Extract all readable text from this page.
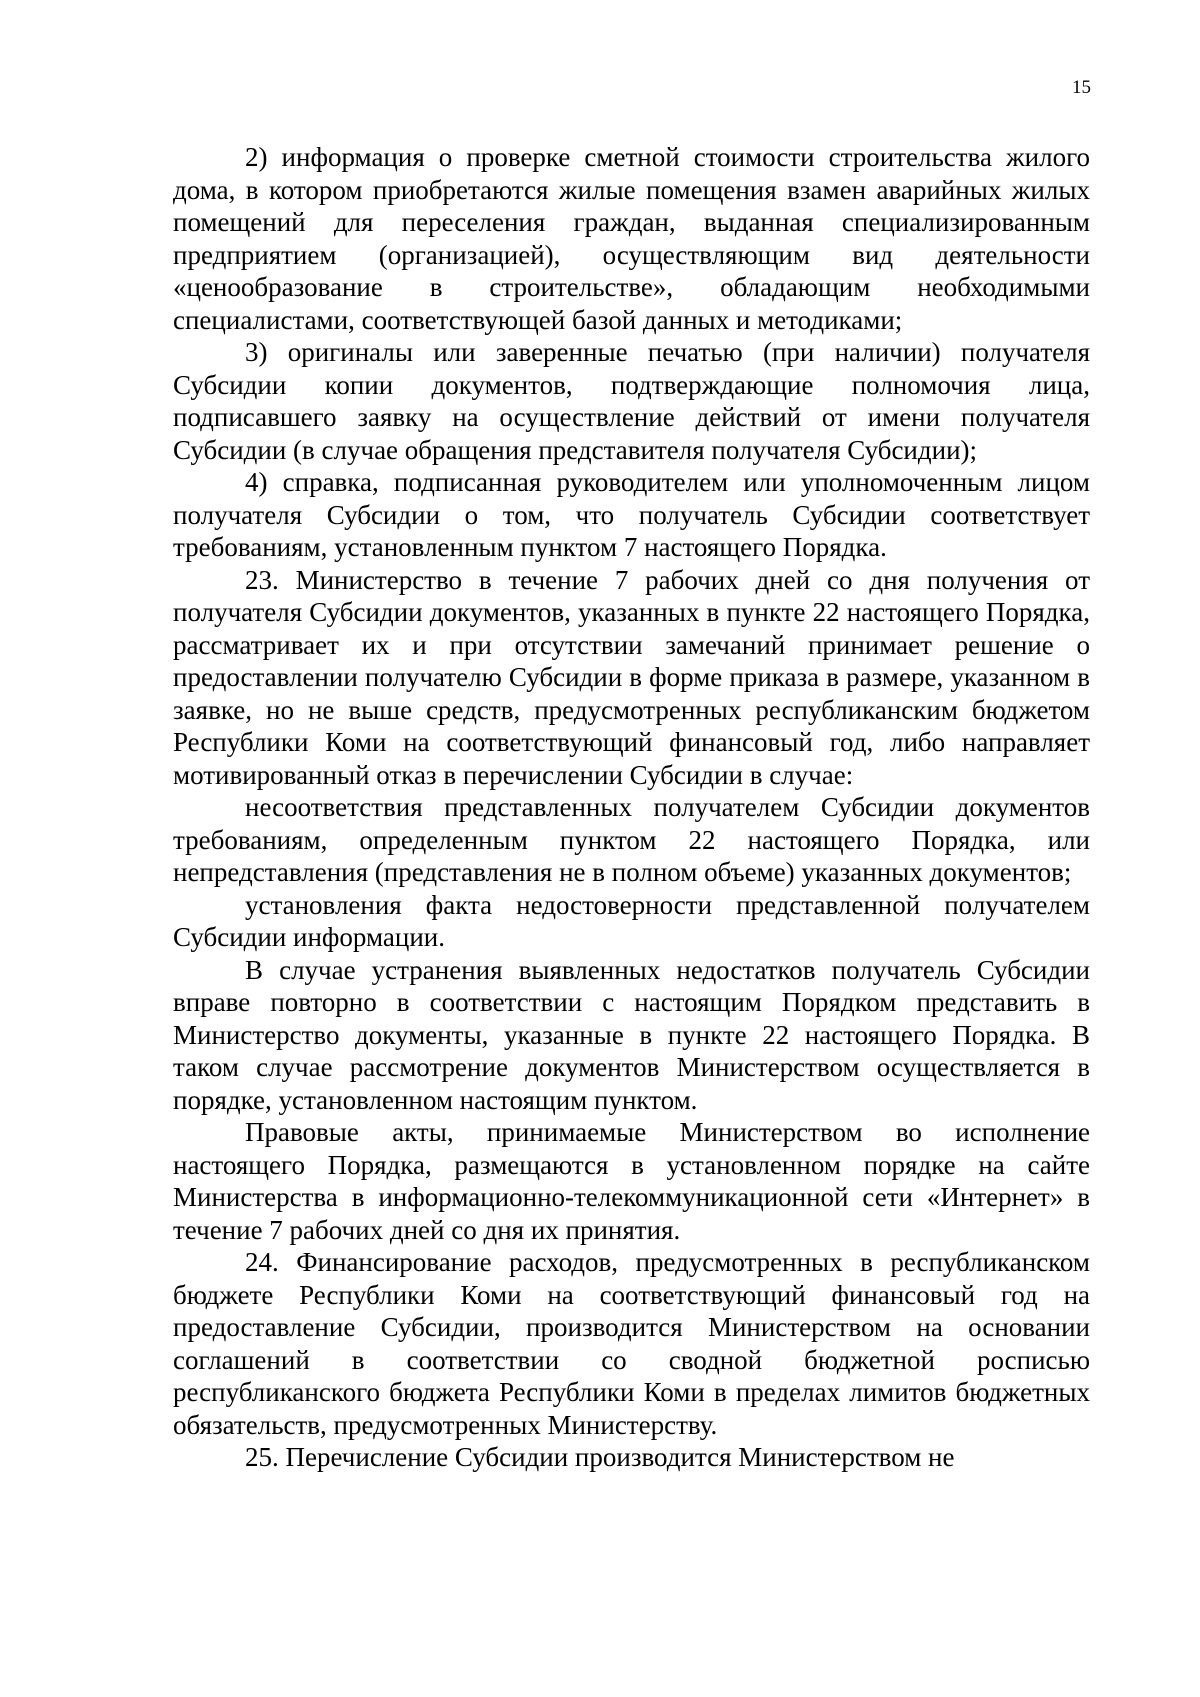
15

2) информация о проверке сметной стоимости строительства жилого дома, в котором приобретаются жилые помещения взамен аварийных жилых помещений для переселения граждан, выданная специализированным предприятием (организацией), осуществляющим вид деятельности «ценообразование в строительстве», обладающим необходимыми специалистами, соответствующей базой данных и методиками;

3) оригиналы или заверенные печатью (при наличии) получателя Субсидии копии документов, подтверждающие полномочия лица, подписавшего заявку на осуществление действий от имени получателя Субсидии (в случае обращения представителя получателя Субсидии);

4) справка, подписанная руководителем или уполномоченным лицом получателя Субсидии о том, что получатель Субсидии соответствует требованиям, установленным пунктом 7 настоящего Порядка.

23. Министерство в течение 7 рабочих дней со дня получения от получателя Субсидии документов, указанных в пункте 22 настоящего Порядка, рассматривает их и при отсутствии замечаний принимает решение о предоставлении получателю Субсидии в форме приказа в размере, указанном в заявке, но не выше средств, предусмотренных республиканским бюджетом Республики Коми на соответствующий финансовый год, либо направляет мотивированный отказ в перечислении Субсидии в случае:

несоответствия представленных получателем Субсидии документов требованиям, определенным пунктом 22 настоящего Порядка, или непредставления (представления не в полном объеме) указанных документов;

установления факта недостоверности представленной получателем Субсидии информации.

В случае устранения выявленных недостатков получатель Субсидии вправе повторно в соответствии с настоящим Порядком представить в Министерство документы, указанные в пункте 22 настоящего Порядка. В таком случае рассмотрение документов Министерством осуществляется в порядке, установленном настоящим пунктом.

Правовые акты, принимаемые Министерством во исполнение настоящего Порядка, размещаются в установленном порядке на сайте Министерства в информационно-телекоммуникационной сети «Интернет» в течение 7 рабочих дней со дня их принятия.

24. Финансирование расходов, предусмотренных в республиканском бюджете Республики Коми на соответствующий финансовый год на предоставление Субсидии, производится Министерством на основании соглашений в соответствии со сводной бюджетной росписью республиканского бюджета Республики Коми в пределах лимитов бюджетных обязательств, предусмотренных Министерству.

25. Перечисление Субсидии производится Министерством не
